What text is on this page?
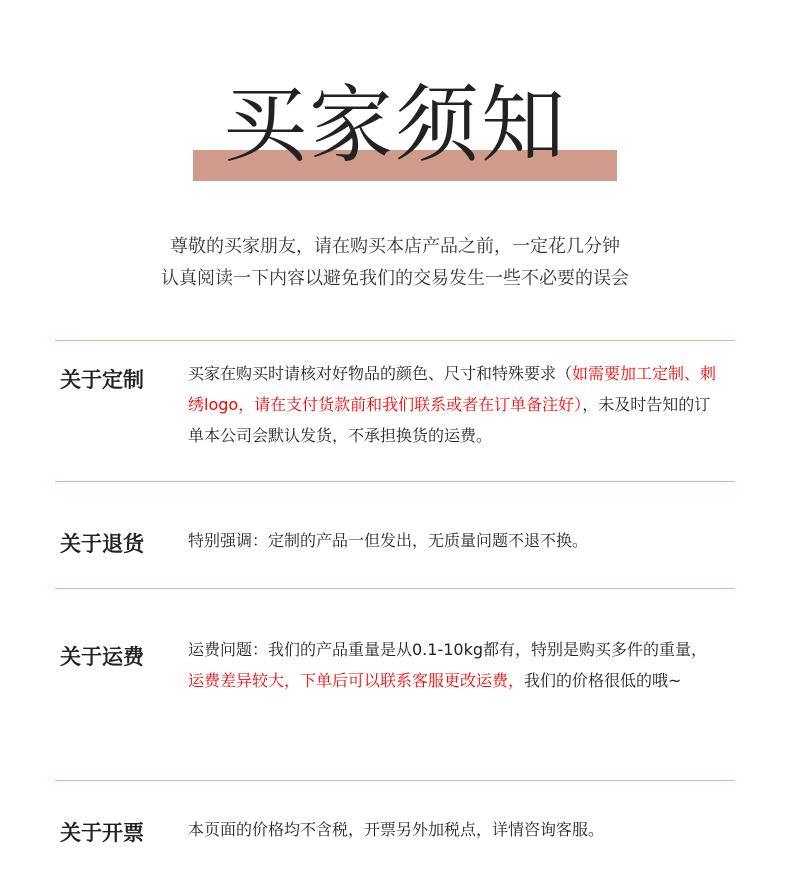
买家须知
尊敬的买家朋友，请在购买本店产品之前，一定花几分钟
认真阅读一下内容以避免我们的交易发生一些不必要的误会
关于定制	买家在购买时请核对好物品的颜色、尺寸和特殊要求（如需要加工定制、刺绣logo，请在支付货款前和我们联系或者在订单备注好），未及时告知的订单本公司会默认发货，不承担换货的运费。
关于退货	特别强调：定制的产品一但发出，无质量问题不退不换。
关于运费	运费问题：我们的产品重量是从0.1-10kg都有，特别是购买多件的重量，运费差异较大，下单后可以联系客服更改运费，我们的价格很低的哦~
关于开票	本页面的价格均不含税，开票另外加税点，详情咨询客服。
